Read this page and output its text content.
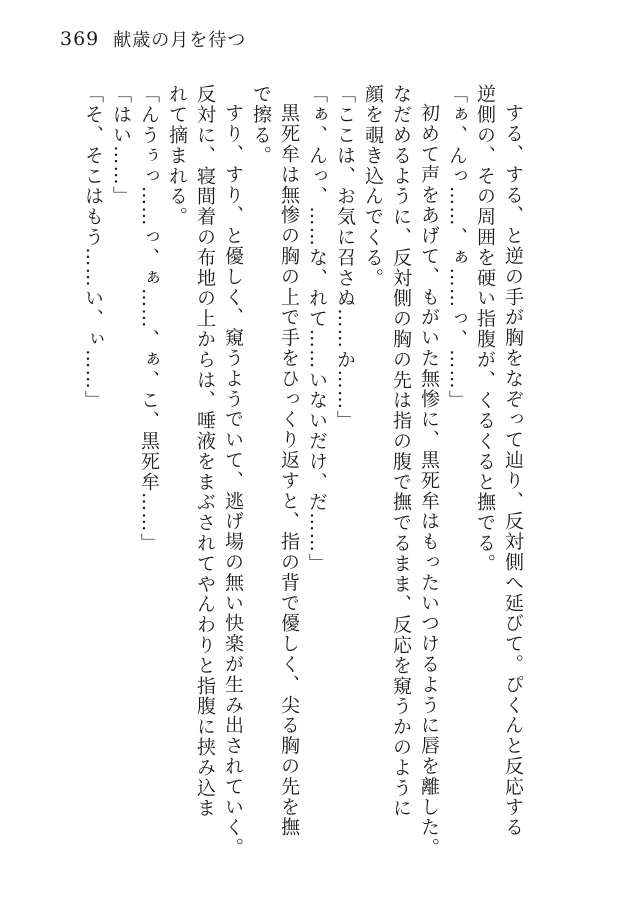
369 献歳の月を待つ

する、する、と逆の手が胸をなぞって辿り、反対側へ延びて。ぴくんと反応する

逆側の、その周囲を硬い指腹が、くるくると撫でる。

「ぁ、んっ……、ぁ……っ、……」

初めて声をあげて、もがいた無惨に、黒死牟はもったいつけるように唇を離した。

なだめるように、反対側の胸の先は指の腹で撫でるまま、反応を窺うかのように

顔を覗き込んでくる。

「ここは、お気に召さぬ……か……」

「ぁ、んっ、……な、れて……いないだけ、だ……」

黒死牟は無惨の胸の上で手をひっくり返すと、指の背で優しく、尖る胸の先を撫

で擦る。

すり、すり、と優しく、窺うようでいて、逃げ場の無い快楽が生み出されていく。

反対に、寝間着の布地の上からは、唾液をまぶされてやんわりと指腹に挟み込ま

れて摘まれる。

「んうぅっ……っ、ぁ……、ぁ、こ、黒死牟……」

「はい……」

「そ、そこはもう……い、ぃ……」
